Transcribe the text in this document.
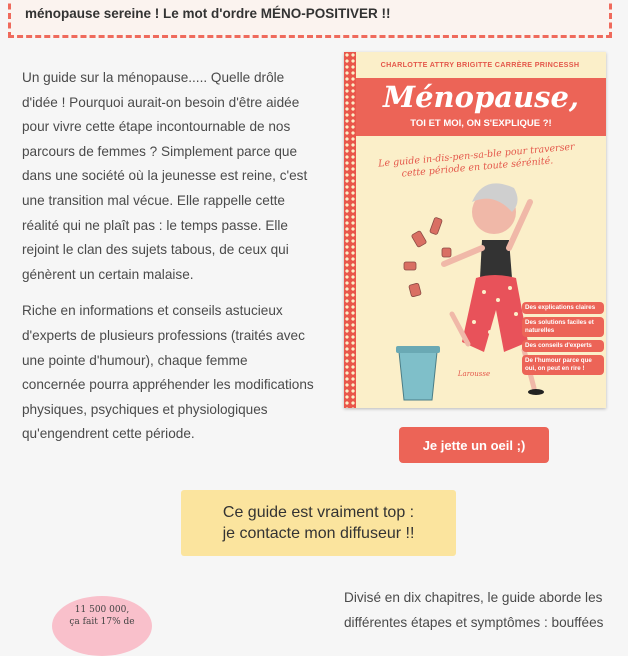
ménopause sereine ! Le mot d'ordre MÉNO-POSITIVER !!

Un guide sur la ménopause..... Quelle drôle d'idée ! Pourquoi aurait-on besoin d'être aidée pour vivre cette étape incontournable de nos parcours de femmes ? Simplement parce que dans une société où la jeunesse est reine, c'est une transition mal vécue. Elle rappelle cette réalité qui ne plaît pas : le temps passe. Elle rejoint le clan des sujets tabous, de ceux qui génèrent un certain malaise.

Riche en informations et conseils astucieux d'experts de plusieurs professions (traités avec une pointe d'humour), chaque femme concernée pourra appréhender les modifications physiques, psychiques et physiologiques qu'engendrent cette période.

CHARLOTTE ATTRY BRIGITTE CARRÈRE PRINCESSH
Ménopause,
TOI ET MOI, ON S'EXPLIQUE ?!
Le guide in-dis-pen-sa-ble pour traverser cette période en toute sérénité.
Des explications claires
Des solutions faciles et naturelles
Des conseils d'experts
De l'humour parce que oui, on peut en rire !
Larousse
Je jette un oeil ;)
Ce guide est vraiment top :
je contacte mon diffuseur !!
11 500 000,
ça fait 17% de

Divisé en dix chapitres, le guide aborde les différentes étapes et symptômes : bouffées
